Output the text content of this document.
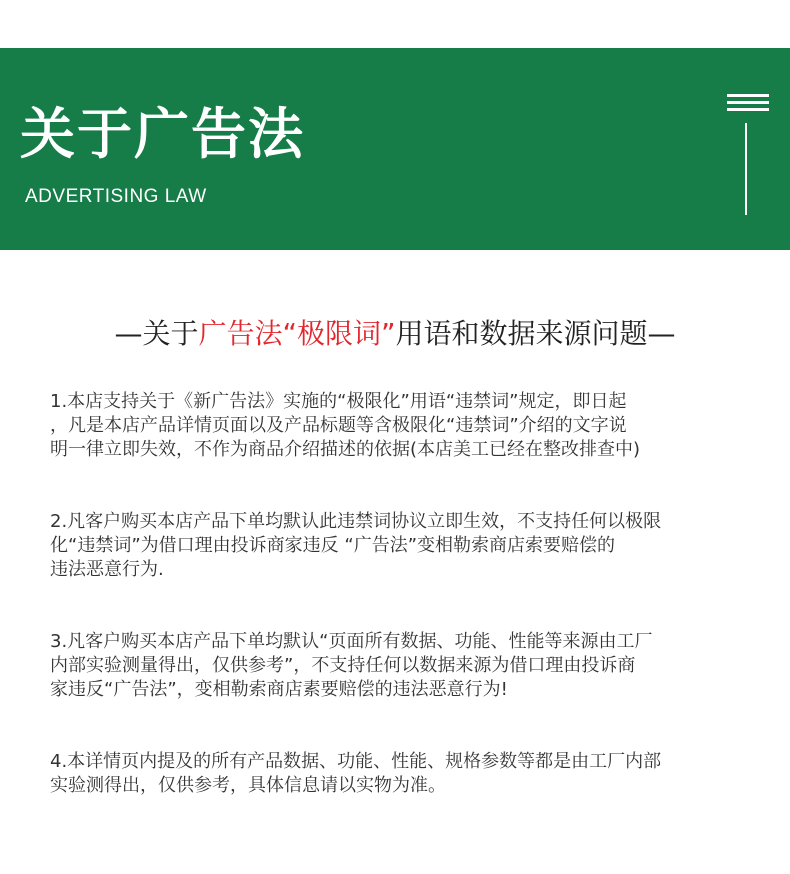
关于广告法
ADVERTISING LAW
—关于广告法“极限词”用语和数据来源问题—
1.本店支持关于《新广告法》实施的“极限化”用语“违禁词”规定，即日起
，凡是本店产品详情页面以及产品标题等含极限化“违禁词”介绍的文字说
明一律立即失效，不作为商品介绍描述的依据(本店美工已经在整改排查中)
2.凡客户购买本店产品下单均默认此违禁词协议立即生效，不支持任何以极限
化“违禁词”为借口理由投诉商家违反 “广告法”变相勒索商店索要赔偿的
违法恶意行为.
3.凡客户购买本店产品下单均默认“页面所有数据、功能、性能等来源由工厂
内部实验测量得出，仅供参考”，不支持任何以数据来源为借口理由投诉商
家违反“广告法”，变相勒索商店素要赔偿的违法恶意行为!
4.本详情页内提及的所有产品数据、功能、性能、规格参数等都是由工厂内部
实验测得出，仅供参考，具体信息请以实物为准。
